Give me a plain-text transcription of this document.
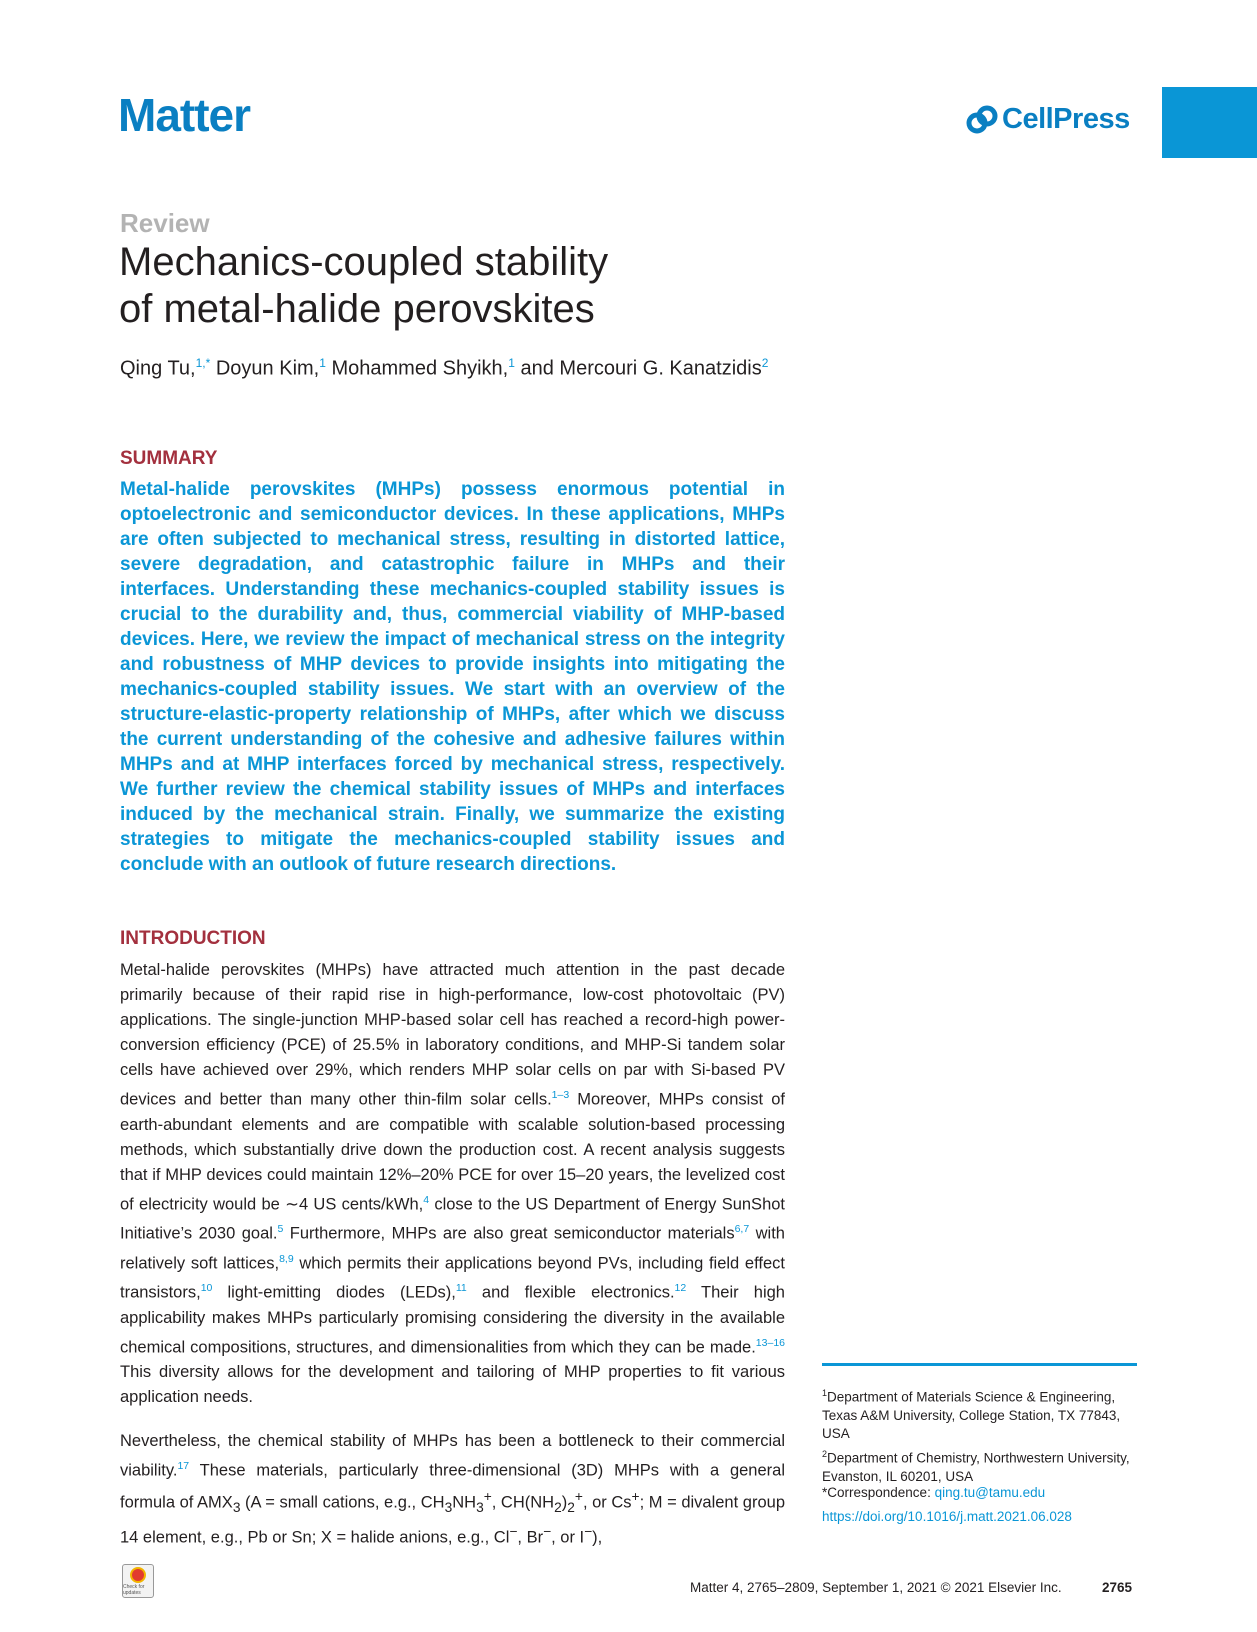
Matter	CellPress
Review
Mechanics-coupled stability
of metal-halide perovskites
Qing Tu,$^{1,*}$ Doyun Kim,$^1$ Mohammed Shyikh,$^1$ and Mercouri G. Kanatzidis$^2$
SUMMARY

Metal-halide perovskites (MHPs) possess enormous potential in optoelectronic and semiconductor devices. In these applications, MHPs are often subjected to mechanical stress, resulting in distorted lattice, severe degradation, and catastrophic failure in MHPs and their interfaces. Understanding these mechanics-coupled stability issues is crucial to the durability and, thus, commercial viability of MHP-based devices. Here, we review the impact of mechanical stress on the integrity and robustness of MHP devices to provide insights into mitigating the mechanics-coupled stability issues. We start with an overview of the structure-elastic-property relationship of MHPs, after which we discuss the current understanding of the cohesive and adhesive failures within MHPs and at MHP interfaces forced by mechanical stress, respectively. We further review the chemical stability issues of MHPs and interfaces induced by the mechanical strain. Finally, we summarize the existing strategies to mitigate the mechanics-coupled stability issues and conclude with an outlook of future research directions.

INTRODUCTION

Metal-halide perovskites (MHPs) have attracted much attention in the past decade primarily because of their rapid rise in high-performance, low-cost photovoltaic (PV) applications. The single-junction MHP-based solar cell has reached a record-high power-conversion efficiency (PCE) of 25.5% in laboratory conditions, and MHP-Si tandem solar cells have achieved over 29%, which renders MHP solar cells on par with Si-based PV devices and better than many other thin-film solar cells.$^{1-3}$ Moreover, MHPs consist of earth-abundant elements and are compatible with scalable solution-based processing methods, which substantially drive down the production cost. A recent analysis suggests that if MHP devices could maintain 12%–20% PCE for over 15–20 years, the levelized cost of electricity would be ∼4 US cents/kWh,$^4$ close to the US Department of Energy SunShot Initiative’s 2030 goal.$^5$ Furthermore, MHPs are also great semiconductor materials$^{6,7}$ with relatively soft lattices,$^{8,9}$ which permits their applications beyond PVs, including field effect transistors,$^{10}$ light-emitting diodes (LEDs),$^{11}$ and flexible electronics.$^{12}$ Their high applicability makes MHPs particularly promising considering the diversity in the available chemical compositions, structures, and dimensionalities from which they can be made.$^{13-16}$ This diversity allows for the development and tailoring of MHP properties to fit various application needs.

Nevertheless, the chemical stability of MHPs has been a bottleneck to their commercial viability.$^{17}$ These materials, particularly three-dimensional (3D) MHPs with a general formula of $AMX_3$ (A = small cations, e.g., $CH_3NH_3^+$, $CH(NH_2)_2^+$, or Cs+; M = divalent group 14 element, e.g., Pb or Sn; X = halide anions, e.g., Cl−, Br−, or I−),

$^1$Department of Materials Science & Engineering, Texas A&M University, College Station, TX 77843, USA

$^2$Department of Chemistry, Northwestern University, Evanston, IL 60201, USA

*Correspondence: qing.tu@tamu.edu

https://doi.org/10.1016/j.matt.2021.06.028

Check for updates	Matter 4, 2765–2809, September 1, 2021 © 2021 Elsevier Inc.	2765
